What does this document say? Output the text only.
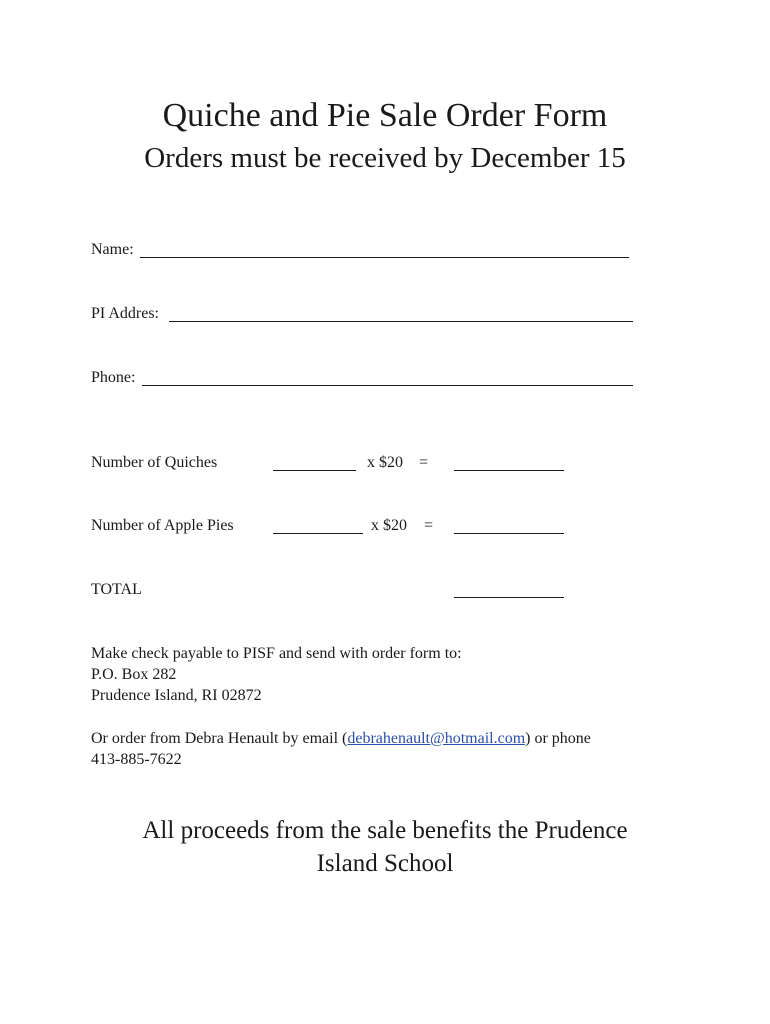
Quiche and Pie Sale Order Form
Orders must be received by December 15
Name:
PI Addres:
Phone:
Number of Quiches	x $20 =
Number of Apple Pies	x $20 =
TOTAL
Make check payable to PISF and send with order form to:
P.O. Box 282
Prudence Island, RI 02872
Or order from Debra Henault by email (debrahenault@hotmail.com) or phone
413-885-7622
All proceeds from the sale benefits the Prudence
Island School
